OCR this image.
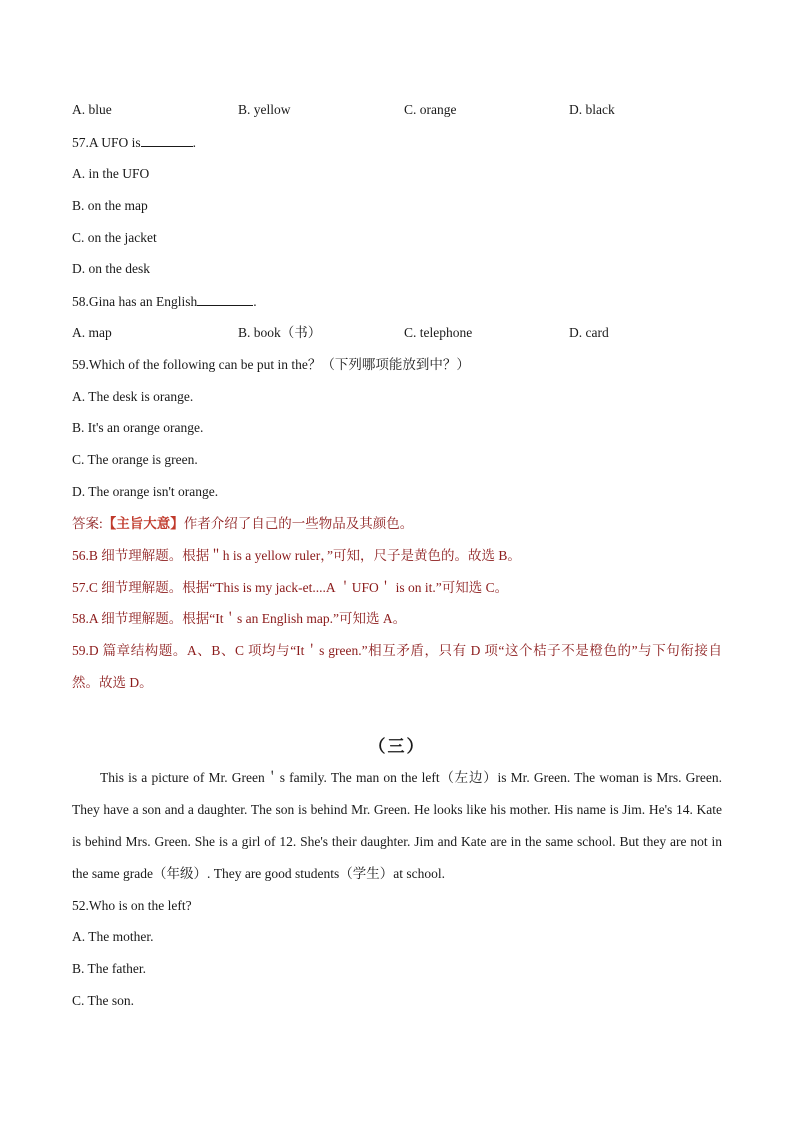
A. blue	B. yellow	C. orange	D. black
57.A UFO is	.
A. in the UFO
B. on the map
C. on the jacket
D. on the desk
58.Gina has an English	.
A. map	B. book（书）	C. telephone	D. card
59.Which of the following can be put in the？（下列哪项能放到中？）
A. The desk is orange.
B. It's an orange orange.
C. The orange is green.
D. The orange isn't orange.
答案:【主旨大意】作者介绍了自己的一些物品及其颜色。
56.B 细节理解题。根据＂h is a yellow ruler，”可知，尺子是黄色的。故选 B。
57.C 细节理解题。根据“This is my jack-et....A ＇UFO＇ is on it.”可知选 C。
58.A 细节理解题。根据“It＇s an English map.”可知选 A。
59.D 篇章结构题。A、B、C 项均与“It＇s green.”相互矛盾，只有 D 项“这个桔子不是橙色的”与下句衔接自然。故选 D。
（三）
This is a picture of Mr. Green＇s family. The man on the left（左边）is Mr. Green. The woman is Mrs. Green. They have a son and a daughter. The son is behind Mr. Green. He looks like his mother. His name is Jim. He's 14. Kate is behind Mrs. Green. She is a girl of 12. She's their daughter. Jim and Kate are in the same school. But they are not in the same grade（年级）. They are good students（学生）at school.
52.Who is on the left?
A. The mother.
B. The father.
C. The son.
